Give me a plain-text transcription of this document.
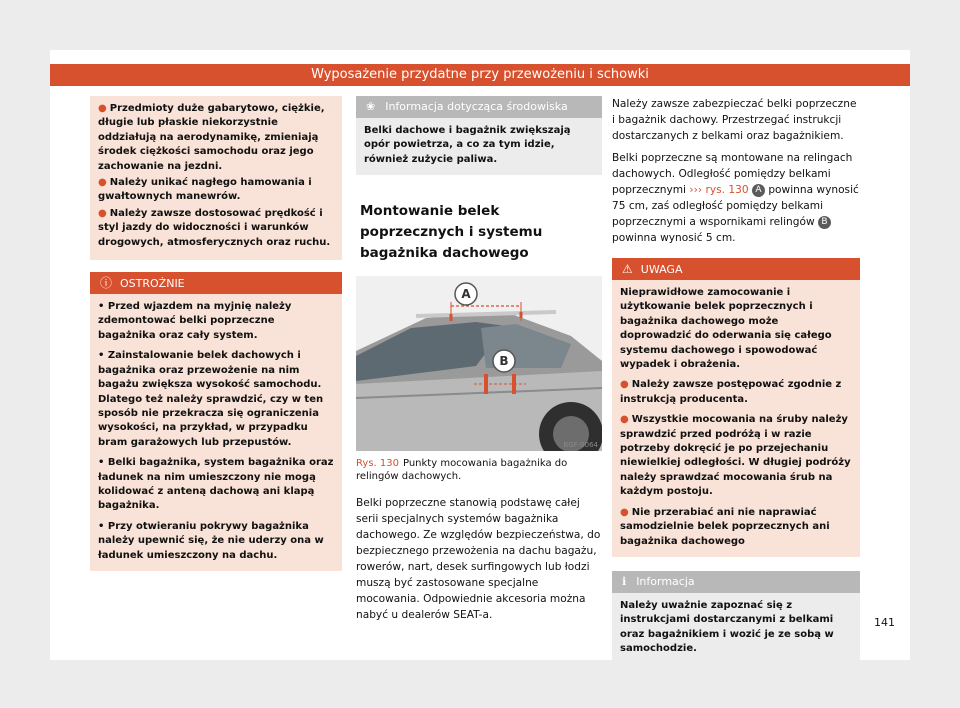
Wyposażenie przydatne przy przewożeniu i schowki

● Przedmioty duże gabarytowo, ciężkie, długie lub płaskie niekorzystnie oddziałują na aerodynamikę, zmieniają środek ciężkości samochodu oraz jego zachowanie na jezdni.

● Należy unikać nagłego hamowania i gwałtownych manewrów.

● Należy zawsze dostosować prędkość i styl jazdy do widoczności i warunków drogowych, atmosferycznych oraz ruchu.

ⓘ OSTROŻNIE

• Przed wjazdem na myjnię należy zdemontować belki poprzeczne bagażnika oraz cały system.

• Zainstalowanie belek dachowych i bagażnika oraz przewożenie na nim bagażu zwiększa wysokość samochodu. Dlatego też należy sprawdzić, czy w ten sposób nie przekracza się ograniczenia wysokości, na przykład, w przypadku bram garażowych lub przepustów.

• Belki bagażnika, system bagażnika oraz ładunek na nim umieszczony nie mogą kolidować z anteną dachową ani klapą bagażnika.

• Przy otwieraniu pokrywy bagażnika należy upewnić się, że nie uderzy ona w ładunek umieszczony na dachu.

❀ Informacja dotycząca środowiska
Belki dachowe i bagażnik zwiększają opór powietrza, a co za tym idzie, również zużycie paliwa.
Montowanie belek poprzecznych i systemu bagażnika dachowego
A
B
BGF-0064
Rys. 130 Punkty mocowania bagażnika do relingów dachowych.

Belki poprzeczne stanowią podstawę całej serii specjalnych systemów bagażnika dachowego. Ze względów bezpieczeństwa, do bezpiecznego przewożenia na dachu bagażu, rowerów, nart, desek surfingowych lub łodzi muszą być zastosowane specjalne mocowania. Odpowiednie akcesoria można nabyć u dealerów SEAT-a.

Należy zawsze zabezpieczać belki poprzeczne i bagażnik dachowy. Przestrzegać instrukcji dostarczanych z belkami oraz bagażnikiem.

Belki poprzeczne są montowane na relingach dachowych. Odległość pomiędzy belkami poprzecznymi ››› rys. 130 A powinna wynosić 75 cm, zaś odległość pomiędzy belkami poprzecznymi a wspornikami relingów B powinna wynosić 5 cm.

⚠ UWAGA

Nieprawidłowe zamocowanie i użytkowanie belek poprzecznych i bagażnika dachowego może doprowadzić do oderwania się całego systemu dachowego i spowodować wypadek i obrażenia.

● Należy zawsze postępować zgodnie z instrukcją producenta.

● Wszystkie mocowania na śruby należy sprawdzić przed podróżą i w razie potrzeby dokręcić je po przejechaniu niewielkiej odległości. W długiej podróży należy sprawdzać mocowania śrub na każdym postoju.

● Nie przerabiać ani nie naprawiać samodzielnie belek poprzecznych ani bagażnika dachowego

ℹ Informacja
Należy uważnie zapoznać się z instrukcjami dostarczanymi z belkami oraz bagażnikiem i wozić je ze sobą w samochodzie.
141
